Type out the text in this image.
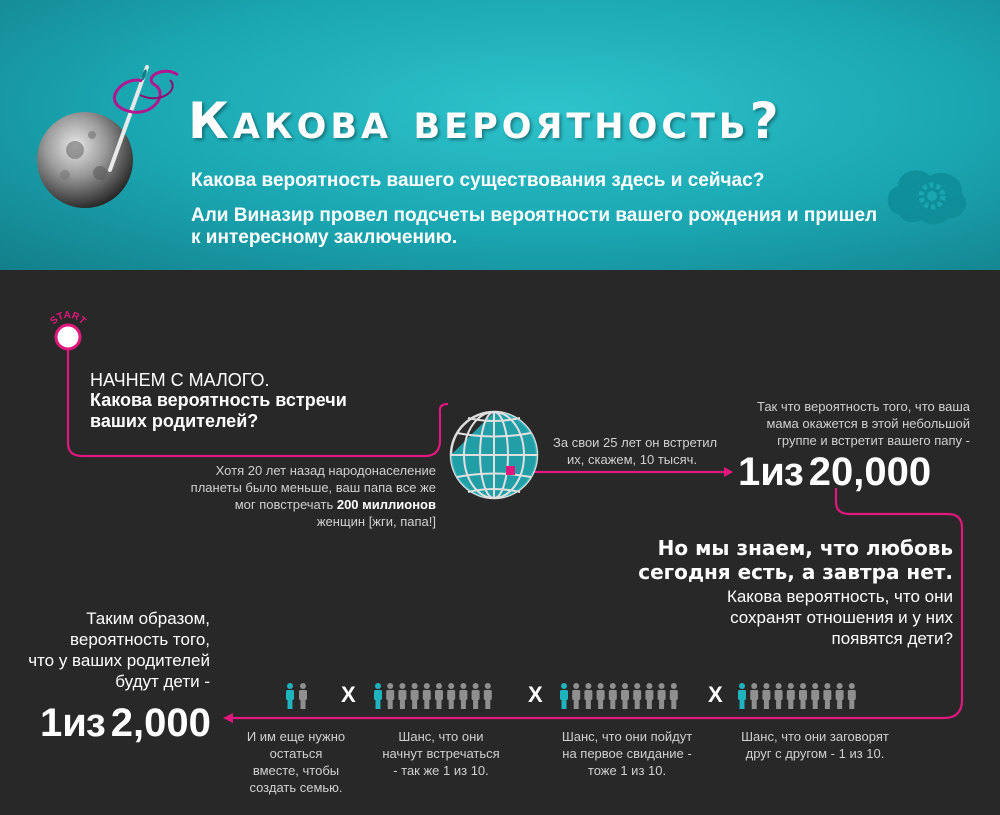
Какова вероятность?
Какова вероятность вашего существования здесь и сейчас?
Али Виназир провел подсчеты вероятности вашего рождения и пришел к интересному заключению.
START
НАЧНЕМ С МАЛОГО.
Какова вероятность встречи
ваших родителей?
Хотя 20 лет назад народонаселение
планеты было меньше, ваш папа все же
мог повстречать 200 миллионов
женщин [жги, папа!]
За свои 25 лет он встретил
их, скажем, 10 тысяч.
Так что вероятность того, что ваша
мама окажется в этой небольшой
группе и встретит вашего папу -
1из 20,000
Но мы знаем, что любовь
сегодня есть, а завтра нет.
Какова вероятность, что они
сохранят отношения и у них
появятся дети?
X	X	X
Шанс, что они заговорят
друг с другом - 1 из 10.
Шанс, что они пойдут
на первое свидание -
тоже 1 из 10.
Шанс, что они
начнут встречаться
- так же 1 из 10.
И им еще нужно
остаться
вместе, чтобы
создать семью.
Таким образом,
вероятность того,
что у ваших родителей
будут дети -
1из 2,000
